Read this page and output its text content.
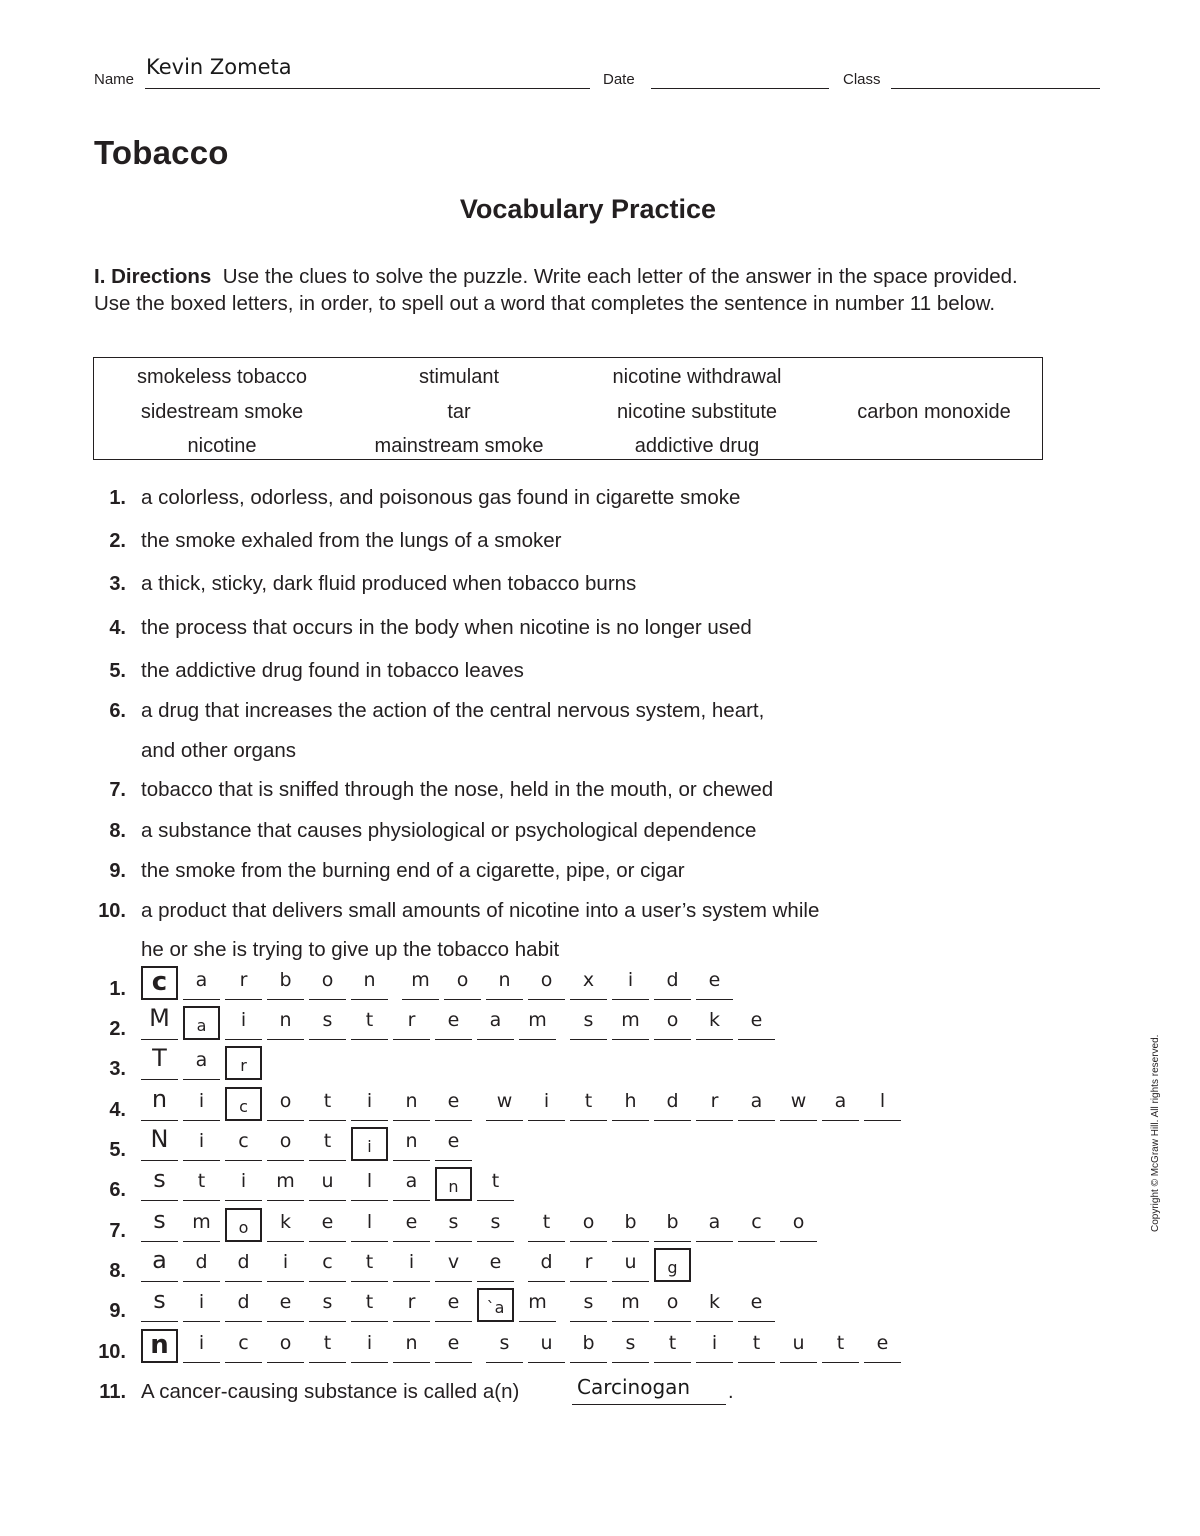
Name
Kevin Zometa
Date	Class
Tobacco
Vocabulary Practice
I. Directions Use the clues to solve the puzzle. Write each letter of the answer in the space provided. Use the boxed letters, in order, to spell out a word that completes the sentence in number 11 below.
smokeless tobacco	stimulant	nicotine withdrawal
sidestream smoke	tar	nicotine substitute	carbon monoxide
nicotine	mainstream smoke	addictive drug
1. a colorless, odorless, and poisonous gas found in cigarette smoke
2. the smoke exhaled from the lungs of a smoker
3. a thick, sticky, dark fluid produced when tobacco burns
4. the process that occurs in the body when nicotine is no longer used
5. the addictive drug found in tobacco leaves
6. a drug that increases the action of the central nervous system, heart,
and other organs
7. tobacco that is sniffed through the nose, held in the mouth, or chewed
8. a substance that causes physiological or psychological dependence
9. the smoke from the burning end of a cigarette, pipe, or cigar
10. a product that delivers small amounts of nicotine into a user’s system while
he or she is trying to give up the tobacco habit
1. c	a	r	b	o	n	m	o	n	o	x	i	d	e
2. M	a	i	n	s	t	r	e	a	m	s	m	o	k	e
3.	T	a	r
4.	n	i	c	o	t	i	n	e	w	i	t	h	d	r	a	w	a	l
5.	N	i	c	o	t	i	n	e
6.	s	t	i	m	u	l	a	n	t
7.	s	m	o	k	e	l	e	s	s	t	o	b	b	a	c	o
8.	a	d	d	i	c	t	i	v	e	d	r	u	g
9.	s	i	d	e	s	t	r	e	`a	m	s	m	o	k	e
10. n	i	c	o	t	i	n	e	s	u	b	s	t	i	t	u	t	e
11. A cancer-causing substance is called a(n)	Carcinogan .
Copyright © McGraw Hill. All rights reserved.
